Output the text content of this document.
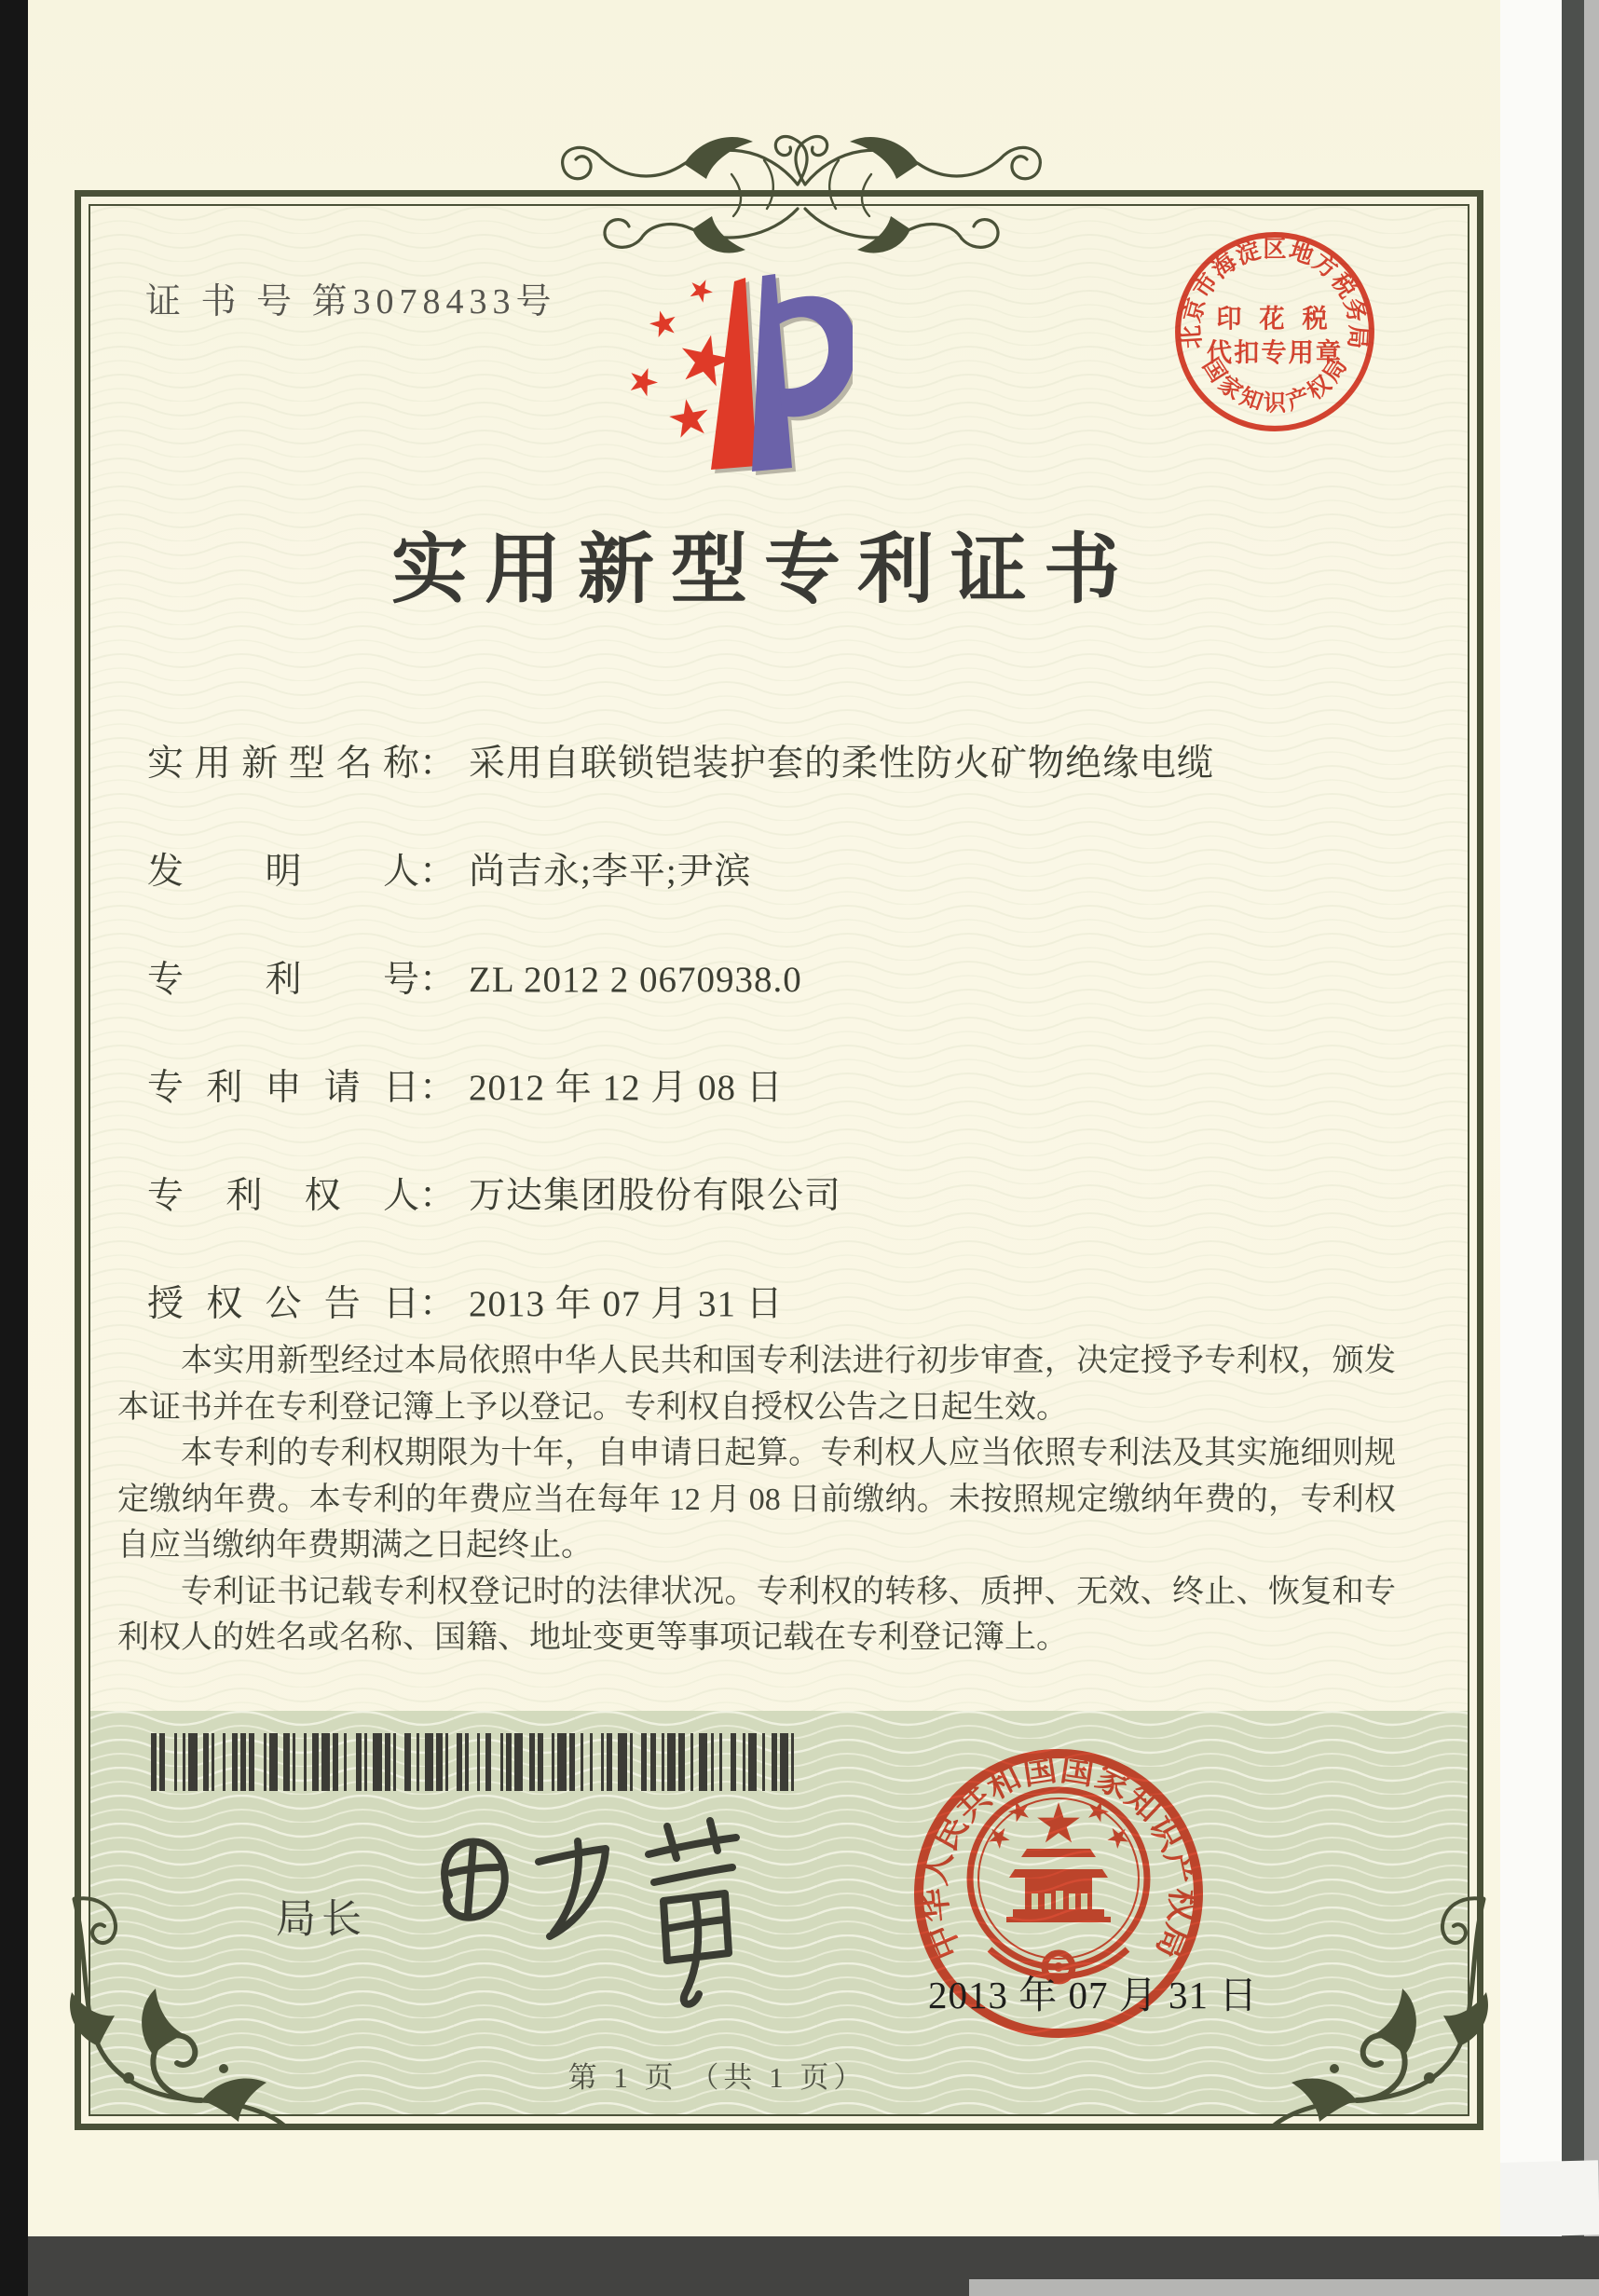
证 书 号 第3078433号
实用新型专利证书
实用新型名称： 采用自联锁铠装护套的柔性防火矿物绝缘电缆
发明人： 尚吉永;李平;尹滨
专利号： ZL 2012 2 0670938.0
专利申请日： 2012 年 12 月 08 日
专利权人： 万达集团股份有限公司
授权公告日： 2013 年 07 月 31 日

本实用新型经过本局依照中华人民共和国专利法进行初步审查，决定授予专利权，颁发本证书并在专利登记簿上予以登记。专利权自授权公告之日起生效。

本专利的专利权期限为十年，自申请日起算。专利权人应当依照专利法及其实施细则规定缴纳年费。本专利的年费应当在每年 12 月 08 日前缴纳。未按照规定缴纳年费的，专利权自应当缴纳年费期满之日起终止。

专利证书记载专利权登记时的法律状况。专利权的转移、质押、无效、终止、恢复和专利权人的姓名或名称、国籍、地址变更等事项记载在专利登记簿上。

局长	中华人民共和国国家知识产权局
2013 年 07 月 31 日
北京市海淀区地方税务局
印 花 税
代扣专用章
国家知识产权局
第 1 页 （共 1 页）
